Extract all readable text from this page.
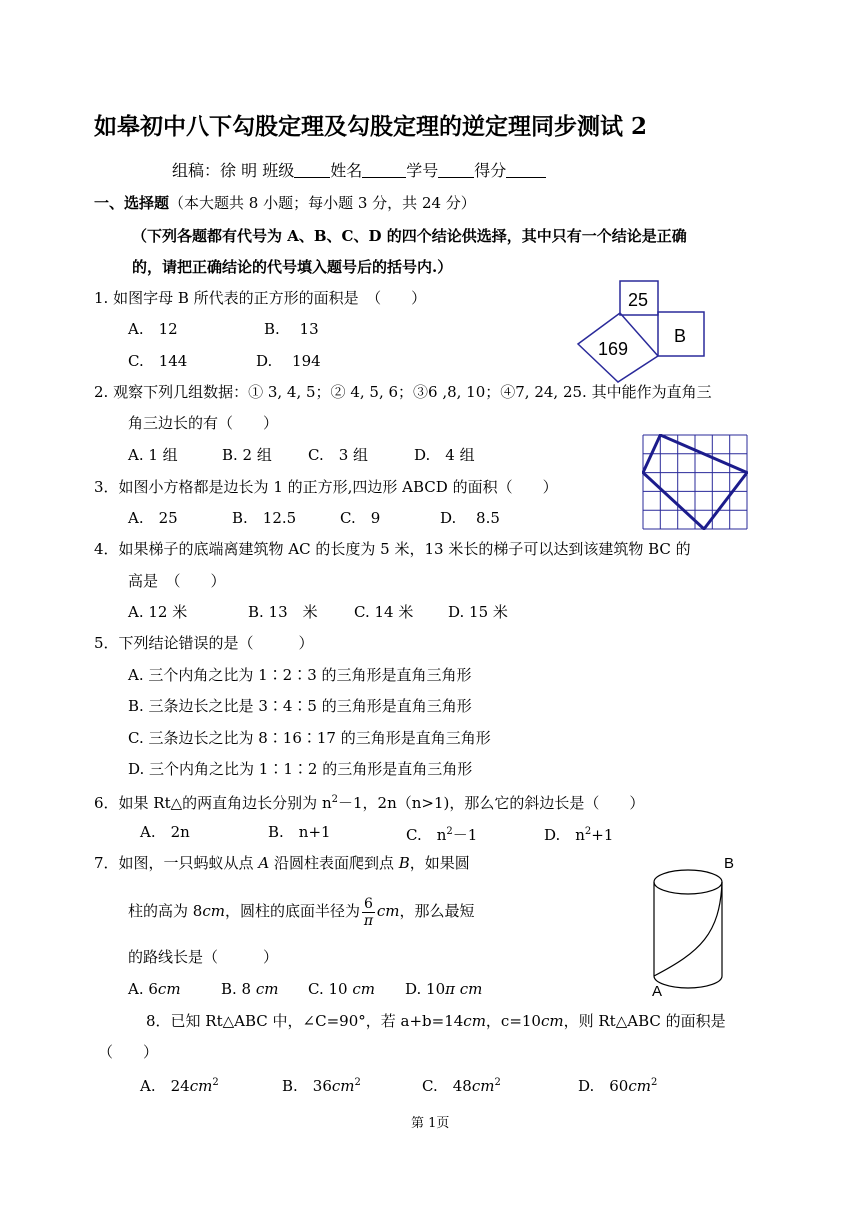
如皋初中八下勾股定理及勾股定理的逆定理同步测试 2
组稿：徐 明 班级 姓名	学号 得分
一、选择题（本大题共 8 小题；每小题 3 分，共 24 分）
（下列各题都有代号为 A、B、C、D 的四个结论供选择，其中只有一个结论是正确
的，请把正确结论的代号填入题号后的括号内.）
1. 如图字母 B 所代表的正方形的面积是　（　　）
A.　12	B.　 13
C.　144	D.　 194
25
B
169
2. 观察下列几组数据：① 3, 4, 5；② 4, 5, 6；③6 ,8, 10；④7, 24, 25. 其中能作为直角三
角三边长的有（　　）
A. 1 组	B. 2 组 C.　3 组	D.　4 组
3．如图小方格都是边长为 1 的正方形,四边形 ABCD 的面积（　　）
A.　25	B.　12.5	C.　9	D.　 8.5
4．如果梯子的底端离建筑物 AC 的长度为 5 米，13 米长的梯子可以达到该建筑物 BC 的
高是　（　　）
A. 12 米	B. 13　米 C. 14 米 D. 15 米
5．下列结论错误的是（　　　）
A. 三个内角之比为 1∶2∶3 的三角形是直角三角形
B. 三条边长之比是 3∶4∶5 的三角形是直角三角形
C. 三条边长之比为 8∶16∶17 的三角形是直角三角形
D. 三个内角之比为 1∶1∶2 的三角形是直角三角形
6．如果 Rt△的两直角边长分别为 $n^2-1$，2n（n>1)，那么它的斜边长是（　　）
A.　2n	B.　n+1	C.　$n^2-1$	D.　$n^2+1$
7．如图，一只蚂蚁从点 A 沿圆柱表面爬到点 B，如果圆
柱的高为 8cm，圆柱的底面半径为 $\frac{6}{\pi}$ cm，那么最短
的路线长是（　　　）
A. 6cm	B. 8 cm C. 10 cm D. 10π cm
B
A
8．已知 Rt△ABC 中，∠C=90°，若 a+b=14cm，c=10cm，则 Rt△ABC 的面积是
（　　）
A.　$24cm^2$	B.　$36cm^2$	C.　$48cm^2$	D.　$60cm^2$
第 1页
